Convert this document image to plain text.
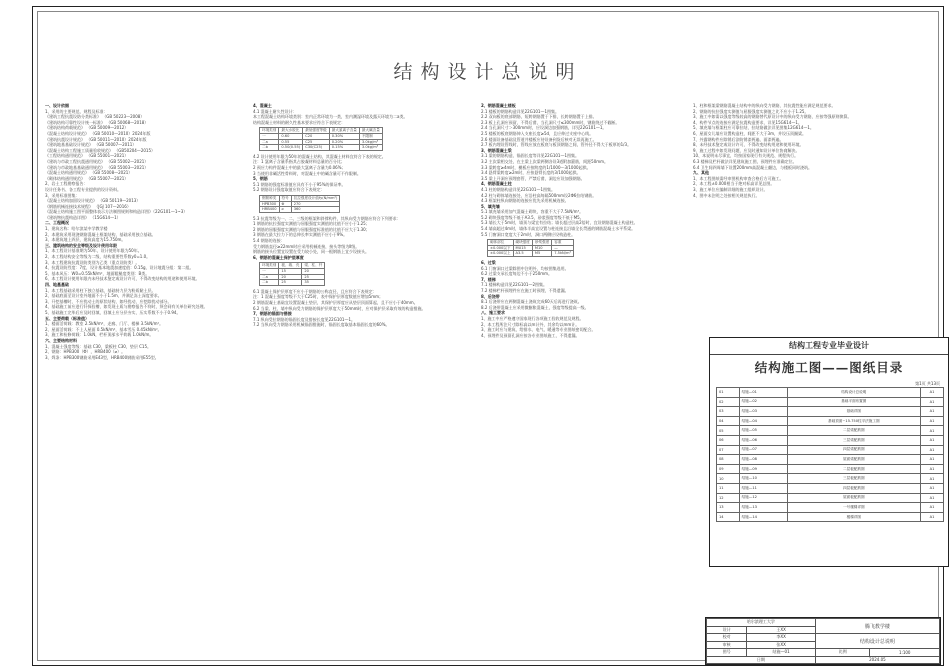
结构设计总说明

一、设计依据

1、采用的主要规范、规程及标准：

《建筑工程抗震设防分类标准》 （GB 50223—2008）

《建筑结构可靠性设计统一标准》 （GB 50068—2018）

《建筑结构荷载规范》 （GB 50009—2012）

《混凝土结构设计规范》 （GB 50010—2010）2024年版

《建筑抗震设计规范》 （GB 50011—2010）2024年版

《建筑地基基础设计规范》 （GB 50007—2011）

《混凝土结构工程施工质量验收规范》 （GB50204—2015）

《工程结构通用规范》 （GB 55001—2021）

《建筑与市政工程抗震通用规范》 （GB 55002—2021）

《建筑与市政地基基础通用规范》 （GB 55003—2021）

《混凝土结构通用规范》 （GB 55008—2021）

《砌体结构通用规范》 （GB 55007—2021）

2、岩土工程勘察报告：

设计任务书、各工程专业提供的设计资料。

3、采用标准图集：

《混凝土结构加固设计规范》 （GB 50119—2013）

《钢筋机械连接技术规程》 （JGJ 107—2016）

《混凝土结构施工图平面整体表示方法制图规则和构造详图》（22G101—1~3）

《建筑物抗震构造详图》 （15G614—1）

二、工程概况

1、建筑名称：哈尔滨某中学教学楼

2、本建筑采用现浇钢筋混凝土框架结构，基础采用独立基础。

3、本建筑地上四层，建筑高度为15.750m。

三、建筑结构的安全等级及设计使用年限

1、本工程设计基准期为50年，设计使用年限为50年。

2、本工程结构安全等级为二级，结构重要性系数γ0=1.0。

3、本工程建筑抗震设防类别为乙类（重点设防类）。

4、抗震设防烈度：7度，设计基本地震加速度值：0.15g，设计地震分组：第二组。

5、基本风压：W0=0.55kN/m²，地面粗糙度类别：B类。

6、本工程设计使用年限内未经技术鉴定或设计许可，不得改变结构的用途和使用环境。

四、地基基础

1、本工程基础采用柱下独立基础，基础持力层为粉质黏土层。

2、基础底面至设计室外地面不小于1.5m，并满足冻土深度要求。

3、开挖基槽时，不应扰动土的原状结构，如经扰动，应挖除扰动部分。

4、基础施工前应进行钎探验槽，如发现土质与勘察报告不符时，须会同有关单位研究处理。

5、基础施工完毕后应及时回填，回填土应分层夯实，压实系数不小于0.94。

五、主要荷载（标准值）

1、楼面活荷载：教室 2.5kN/m²，走廊、门厅、楼梯 3.5kN/m²。

2、屋面活荷载：不上人屋面 0.5kN/m²，基本雪压 0.45kN/m²。

3、施工和检修荷载：1.0kN，栏杆顶部水平荷载 1.0kN/m。

六、主要结构材料

1、混凝土强度等级：基础 C30，梁板柱 C30，垫层 C15。

2、钢筋：HPB300（Φ），HRB400（⌀）。

3、焊条：HPB300钢筋采用E43型，HRB400钢筋采用E55型。

4、混凝土

4.1 混凝土耐久性设计：

本工程混凝土结构环境类别：室内正常环境为一类，室内潮湿环境及露天环境为二a类。

结构混凝土材料的耐久性基本要求应符合下表规定：

环境类别	最大水胶比	最低强度等级	最大氯离子含量	最大碱含量
一	0.60	C20	0.30%	不限制
二a	0.55	C25	0.20%	3.0kg/m³
二b	0.50(0.55)	C30(C25)	0.15%	3.0kg/m³

4.2 设计使用年限为50年的混凝土结构，其混凝土材料宜符合下表的规定。

注：1 氯离子含量系指其占胶凝材料总量的百分比；

2 预应力构件混凝土中的最大氯离子含量为0.06%；

3 当使用非碱活性骨料时，对混凝土中的碱含量可不作限制。

5、钢筋

5.1 钢筋的强度标准值应具有不小于95%的保证率。

5.2 钢筋设计强度取值应符合下表规定：

钢筋种类	符号	抗拉强度设计值fy(N/mm²)
HPB300	Φ	270
HRB400	⌀	360

5.3 抗震等级为一、二、三级的框架和斜撑构件，其纵向受力钢筋应符合下列要求：

1 钢筋的抗拉强度实测值与屈服强度实测值的比值不应小于1.25；

2 钢筋的屈服强度实测值与屈服强度标准值的比值不应大于1.30；

3 钢筋在最大拉力下的总伸长率实测值不应小于9%。

5.4 钢筋的连接：

受力钢筋直径≥22mm时应采用机械连接，接头等级为Ⅱ级。

钢筋的接头位置宜设置在受力较小处，同一根钢筋上宜少设接头。

6、钢筋的混凝土保护层厚度

环境类别	板、墙、壳	梁、柱、杆
一	15	20
二a	20	25
二b	25	35

6.1 混凝土保护层厚度不应小于钢筋的公称直径，且应符合下表规定：

注：1 混凝土强度等级不大于C25时，表中保护层厚度数值应增加5mm；

2 钢筋混凝土基础宜设置混凝土垫层，其保护层厚度应从垫层顶面算起，且不应小于40mm。

6.2 当梁、柱、墙中纵向受力钢筋的保护层厚度大于50mm时，应对保护层采取有效的构造措施。

7、钢筋的锚固与搭接

7.1 纵向受拉钢筋的锚固长度及搭接长度见22G101—1。

7.2 当纵向受力钢筋采用机械锚固措施时，锚固长度取基本锚固长度的60%。

2、钢筋混凝土楼板

2.1 楼板的钢筋构造详见22G101—1图集。

2.2 双向板的底部钢筋，短跨钢筋置于下排，长跨钢筋置于上排。

2.3 板上孔洞应预留，不得后凿，当孔洞尺寸≤300mm时，钢筋绕过不截断。

2.4 当孔洞尺寸＞300mm时，应设洞边加强钢筋，详见22G101—1。

2.5 楼板的板底钢筋伸入支座长度≥5d，且应伸过支座中心线。

2.6 楼面设备基础及管道井楼板应待设备到货后核对无误再施工。

2.7 板内埋设管线时，管线应放在板底与板顶钢筋之间，管外径不得大于板厚的1/3。

3、钢筋混凝土梁

3.1 梁的钢筋构造、锚固长度等详见22G101—1图集。

3.2 主次梁相交处，在主梁上次梁两侧各设3道附加箍筋，间距50mm。

3.3 梁跨度≥4m时，模板应按跨度的1/1000～3/1000起拱。

3.4 悬臂梁跨度≥2m时，应按悬臂长度的3/1000起拱。

3.5 梁上开洞应预埋套管，严禁后凿，洞边应设加强钢筋。

4、钢筋混凝土柱

4.1 柱的钢筋构造详见22G101—1图集。

4.2 柱与砌体墙连接处，应沿柱高每隔500mm设2Φ6拉结钢筋。

4.3 框架柱纵向钢筋的连接应优先采用机械连接。

5、填充墙

5.1 填充墙采用加气混凝土砌块，容重不大于7.5kN/m³。

5.2 砌块强度等级不低于A3.5，砂浆强度等级不低于M5。

5.3 墙长大于5m时，墙顶与梁宜有拉结；墙长超过层高2倍时，宜设钢筋混凝土构造柱。

5.4 墙高超过4m时，墙体半高宜设置与柱连接且沿墙全长贯通的钢筋混凝土水平系梁。

5.5 门窗洞口宽度大于2m时，洞口两侧应设构造柱。

砌体部位	砌块强度	砂浆强度	容重
±0.000以下	MU15	M10	—
±0.000以上	A3.5	M5	7.5kN/m³

6、过梁

6.1 门窗洞口过梁除图中注明外，均按图集选用。

6.2 过梁支承长度每边不小于250mm。

7、楼梯

7.1 楼梯构造详见22G101—2图集。

7.2 楼梯栏杆预埋件应在施工时预埋，不得遗漏。

8、后浇带

8.1 后浇带应在两侧混凝土浇筑完成60天后再进行浇筑。

8.2 后浇带混凝土应采用微膨胀混凝土，强度等级提高一级。

八、施工要求

1、施工中应严格遵守国家现行各项施工验收规范及规程。

2、本工程所注尺寸除标高以m计外，其余均以mm计。

3、施工时应与建筑、给排水、电气、暖通等专业图纸密切配合。

4、预埋件及预留孔洞应按各专业图纸施工，不得遗漏。

1、柱和框架梁钢筋混凝土结构中的纵向受力钢筋，其抗震性能应满足规范要求。

2、钢筋的抗拉强度实测值与屈服强度实测值之比不应小于1.25。

3、施工中如需以强度等级较高的钢筋替代原设计中的纵向受力钢筋，应按等强原则换算。

4、构件节点的连接应满足抗震构造要求，详见15G614—1。

5、填充墙与框架柱应可靠拉结，拉结筋做法详见图集12G614—1。

6、屋面女儿墙应设置构造柱，间距不大于3m，并设压顶圈梁。

7、外露钢构件应除锈后涂防锈漆两遍、面漆两遍。

8、未经技术鉴定或设计许可，不得改变结构用途和使用环境。

9、施工过程中如发现问题，应及时通知设计单位协商解决。

10、本说明未尽事宜，均按国家现行有关规范、规程执行。

6.3 楼梯及栏杆做法详见建筑施工图，预埋件应准确定位。

6.4 卫生间四周墙下设置200mm高混凝土翻边，与楼板同时浇筑。

九、其他

1、本工程图纸需经审图机构审查合格后方可施工。

2、本工程±0.000相当于绝对标高详见总图。

3、施工单位应编制详细的施工组织设计。

4、图中未注明之处按相关规范执行。

结构工程专业毕业设计
结构施工图——图纸目录
第1页 共13页
01	结施—01	结构设计总说明	A1
02	结施—02	基础平面布置图	A1
03	结施—03	基础详图	A1
04	结施—04	基础顶面~15.750柱平法施工图	A1
05	结施—05	二层梁配筋图	A1
06	结施—06	三层梁配筋图	A1
07	结施—07	四层梁配筋图	A1
08	结施—08	屋面梁配筋图	A1
09	结施—09	二层板配筋图	A1
10	结施—10	三层板配筋图	A1
11	结施—11	四层板配筋图	A1
12	结施—12	屋面板配筋图	A1
13	结施—13	一号楼梯详图	A1
14	结施—14	楼梯详图	A1
哈尔滨理工大学		腾飞教学楼	
设计	王XX		
校对	李XX	结构设计总说明	
审核	张XX		
图号	结施—01	比例	1:100
日期		2024.05	
